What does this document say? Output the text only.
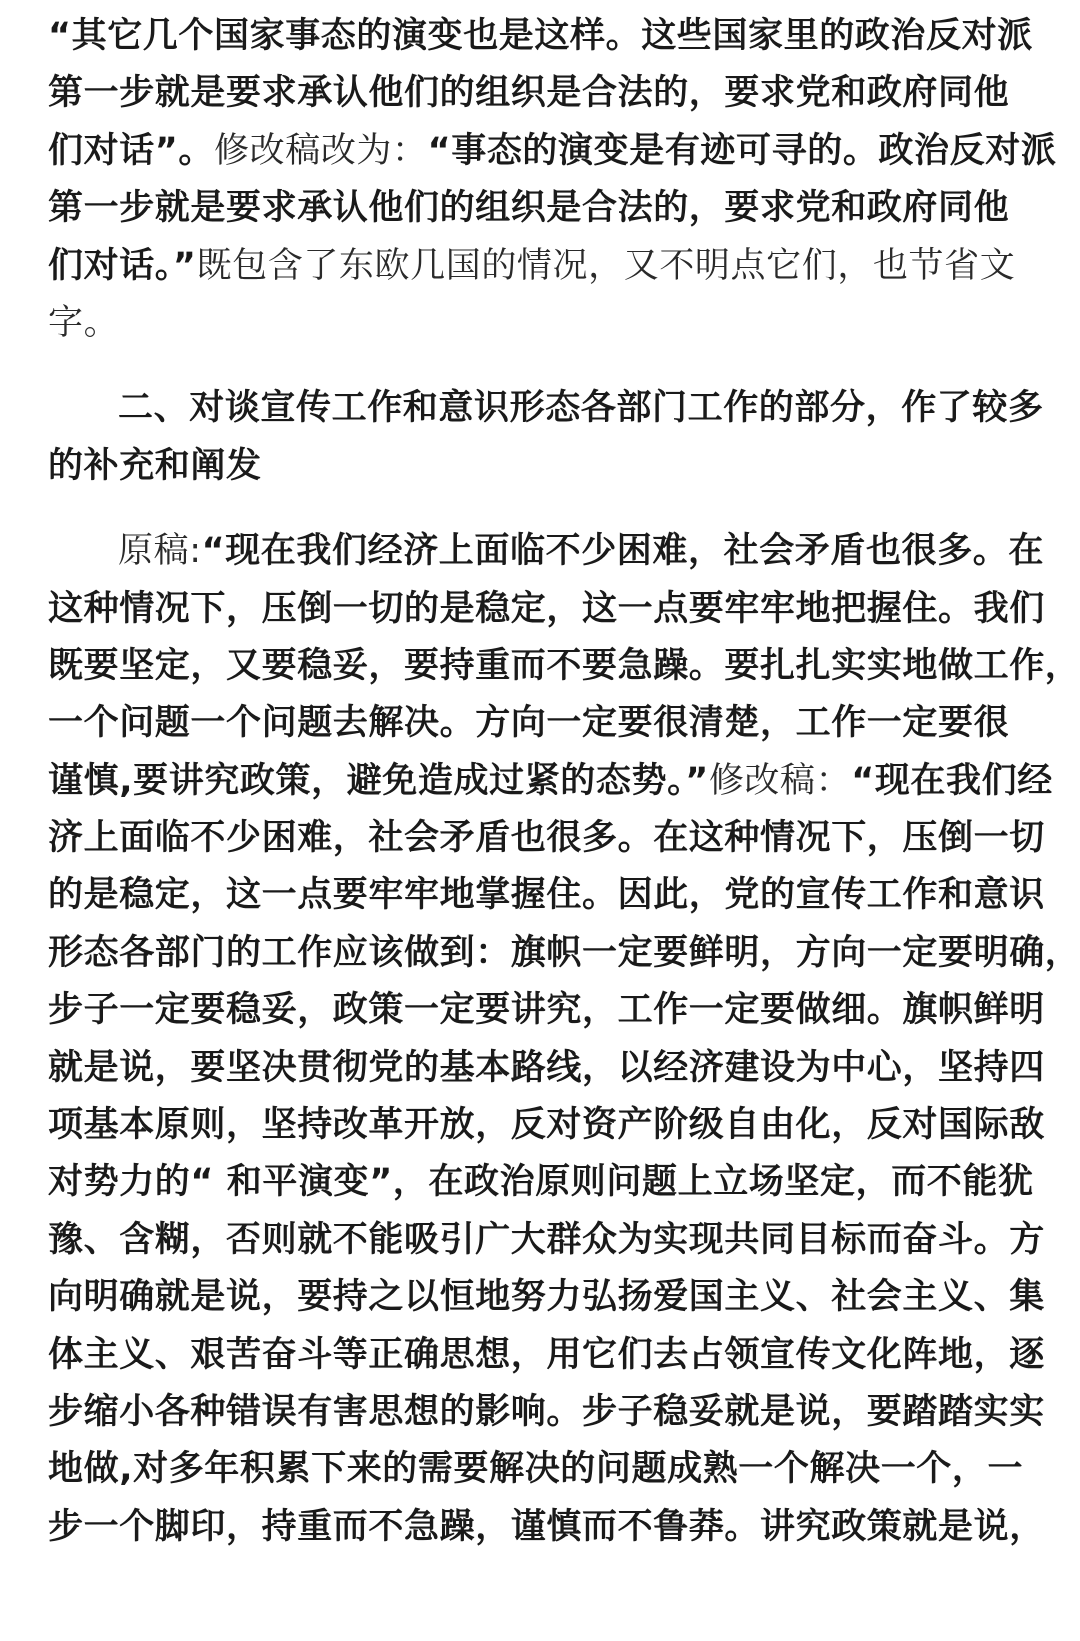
“其它几个国家事态的演变也是这样。这些国家里的政治反对派
第一步就是要求承认他们的组织是合法的，要求党和政府同他
们对话”。修改稿改为：“事态的演变是有迹可寻的。政治反对派
第一步就是要求承认他们的组织是合法的，要求党和政府同他
们对话。”既包含了东欧几国的情况，又不明点它们，也节省文
字。
二、对谈宣传工作和意识形态各部门工作的部分，作了较多
的补充和阐发
原稿:“现在我们经济上面临不少困难，社会矛盾也很多。在
这种情况下，压倒一切的是稳定，这一点要牢牢地把握住。我们
既要坚定，又要稳妥，要持重而不要急躁。要扎扎实实地做工作，
一个问题一个问题去解决。方向一定要很清楚，工作一定要很
谨慎,要讲究政策，避免造成过紧的态势。”修改稿：“现在我们经
济上面临不少困难，社会矛盾也很多。在这种情况下，压倒一切
的是稳定，这一点要牢牢地掌握住。因此，党的宣传工作和意识
形态各部门的工作应该做到：旗帜一定要鲜明，方向一定要明确，
步子一定要稳妥，政策一定要讲究，工作一定要做细。旗帜鲜明
就是说，要坚决贯彻党的基本路线，以经济建设为中心，坚持四
项基本原则，坚持改革开放，反对资产阶级自由化，反对国际敌
对势力的“ 和平演变”，在政治原则问题上立场坚定，而不能犹
豫、含糊，否则就不能吸引广大群众为实现共同目标而奋斗。方
向明确就是说，要持之以恒地努力弘扬爱国主义、社会主义、集
体主义、艰苦奋斗等正确思想，用它们去占领宣传文化阵地，逐
步缩小各种错误有害思想的影响。步子稳妥就是说，要踏踏实实
地做,对多年积累下来的需要解决的问题成熟一个解决一个，一
步一个脚印，持重而不急躁，谨慎而不鲁莽。讲究政策就是说，
